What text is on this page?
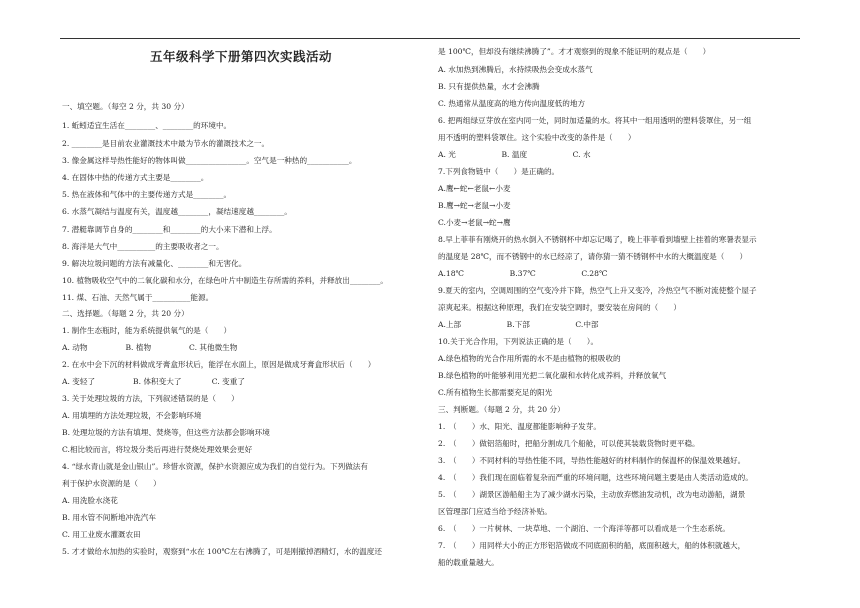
五年级科学下册第四次实践活动
一、填空题。（每空 2 分，共 30 分）
1. 蚯蚓适宜生活在________、________的环境中。
2. ________是目前农业灌溉技术中最为节水的灌溉技术之一。
3. 像金属这样导热性能好的物体叫做________________。空气是一种热的___________。
4. 在固体中热的传递方式主要是________。
5. 热在液体和气体中的主要传递方式是________。
6. 水蒸气凝结与温度有关，温度越________，凝结速度越________。
7. 潜艇靠调节自身的________和________的大小来下潜和上浮。
8. 海洋是大气中__________的主要吸收者之一。
9. 解决垃圾问题的方法有减量化、________和无害化。
10. 植物吸收空气中的二氧化碳和水分，在绿色叶片中制造生存所需的养料，并释放出________。
11. 煤、石油、天然气属于__________能源。
二、选择题。（每题 2 分，共 20 分）
1. 制作生态瓶时，能为系统提供氧气的是（　　）
A. 动物　　　　　B. 植物　　　　　C. 其他微生物
2. 在水中会下沉的材料做成牙膏盒形状后，能浮在水面上，原因是做成牙膏盒形状后（　　）
A. 变轻了　　　　　B. 体积变大了　　　　C. 变重了
3. 关于处理垃圾的方法，下列叙述错误的是（　　）
A. 用填埋的方法处理垃圾，不会影响环境
B. 处理垃圾的方法有填埋、焚烧等，但这些方法都会影响环境
C.相比较而言，将垃圾分类后再进行焚烧处理效果会更好
4. “绿水青山就是金山银山”。珍惜水资源，保护水资源应成为我们的自觉行为。下列做法有
利于保护水资源的是（　　）
A. 用洗脸水浇花
B. 用水管不间断地冲洗汽车
C. 用工业废水灌溉农田
5. 才才做给水加热的实验时，观察到“水在 100℃左右沸腾了，可是刚撤掉酒精灯，水的温度还
是 100℃，但却没有继续沸腾了”。才才观察到的现象不能证明的观点是（　　）
A. 水加热到沸腾后，水持续吸热会变成水蒸气
B. 只有提供热量，水才会沸腾
C. 热通常从温度高的地方传向温度低的地方
6. 把两组绿豆芽放在室内同一处，同时加适量的水。将其中一组用透明的塑料袋罩住，另一组
用不透明的塑料袋罩住。这个实验中改变的条件是（　　）
A. 光　　　　　　B. 温度　　　　　　C. 水
7.下列食物链中（　　）是正确的。
A.鹰←蛇←老鼠←小麦
B.鹰→蛇→老鼠→小麦
C.小麦→老鼠→蛇→鹰
8.早上菲菲有刚烧开的热水倒入不锈钢杯中却忘记喝了，晚上菲菲看到墙壁上挂着的寒暑表显示
的温度是 28℃，而不锈钢中的水已经凉了，请你猜一猜不锈钢杯中水的大概温度是（　　）
A.18℃　　　　　　B.37℃　　　　　　C.28℃
9.夏天的室内，空调周围的空气变冷并下降，热空气上升又变冷，冷热空气不断对流使整个屋子
凉爽起来。根据这种原理，我们在安装空调时，要安装在房间的（　　）
A.上部　　　　　　B.下部　　　　　　C.中部
10.关于光合作用，下列说法正确的是（　　）。
A.绿色植物的光合作用所需的水不是由植物的根吸收的
B.绿色植物的叶能够利用光把二氧化碳和水转化成养料，并释放氧气
C.所有植物生长都需要充足的阳光
三、判断题。（每题 2 分，共 20 分）
1.　（　　）水、阳光、温度都能影响种子发芽。
2.　（　　）做铝箔船时，把船分割成几个船舱，可以使其装载货物时更平稳。
3.　（　　）不同材料的导热性能不同，导热性能越好的材料制作的保温杯的保温效果越好。
4.　（　　）我们现在面临着复杂而严重的环境问题，这些环境问题主要是由人类活动造成的。
5.　（　　）湖景区游船船主为了减少湖水污染，主动放弃燃油发动机，改为电动游船，湖景
区管理部门应适当给予经济补贴。
6.　（　　）一片树林、一块草地、一个湖泊、一个海洋等都可以看成是一个生态系统。
7.　（　　）用同样大小的正方形铝箔做成不同底面积的船，底面积越大，船的体积就越大，
船的载重量越大。
